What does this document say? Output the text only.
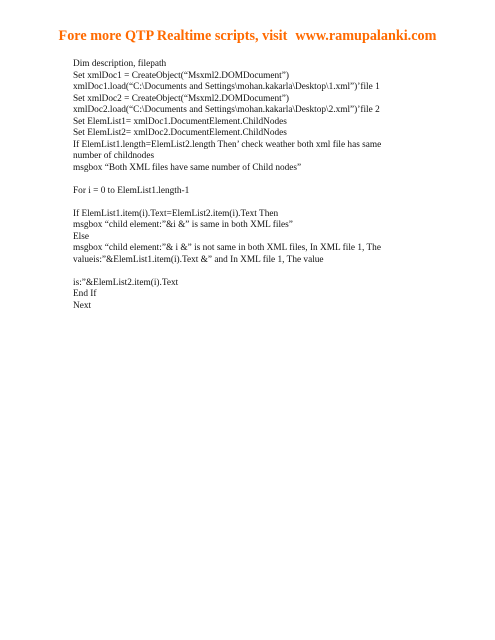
Fore more QTP Realtime scripts, visit www.ramupalanki.com
Dim description, filepath
Set xmlDoc1 = CreateObject(“Msxml2.DOMDocument”)
xmlDoc1.load(“C:\Documents and Settings\mohan.kakarla\Desktop\1.xml”)’file 1
Set xmlDoc2 = CreateObject(“Msxml2.DOMDocument”)
xmlDoc2.load(“C:\Documents and Settings\mohan.kakarla\Desktop\2.xml”)’file 2
Set ElemList1= xmlDoc1.DocumentElement.ChildNodes
Set ElemList2= xmlDoc2.DocumentElement.ChildNodes
If ElemList1.length=ElemList2.length Then’ check weather both xml file has same
number of childnodes
msgbox “Both XML files have same number of Child nodes”
For i = 0 to ElemList1.length-1
If ElemList1.item(i).Text=ElemList2.item(i).Text Then
msgbox “child element:”&i &” is same in both XML files”
Else
msgbox “child element:”& i &” is not same in both XML files, In XML file 1, The
valueis:”&ElemList1.item(i).Text &” and In XML file 1, The value
is:”&ElemList2.item(i).Text
End If
Next
